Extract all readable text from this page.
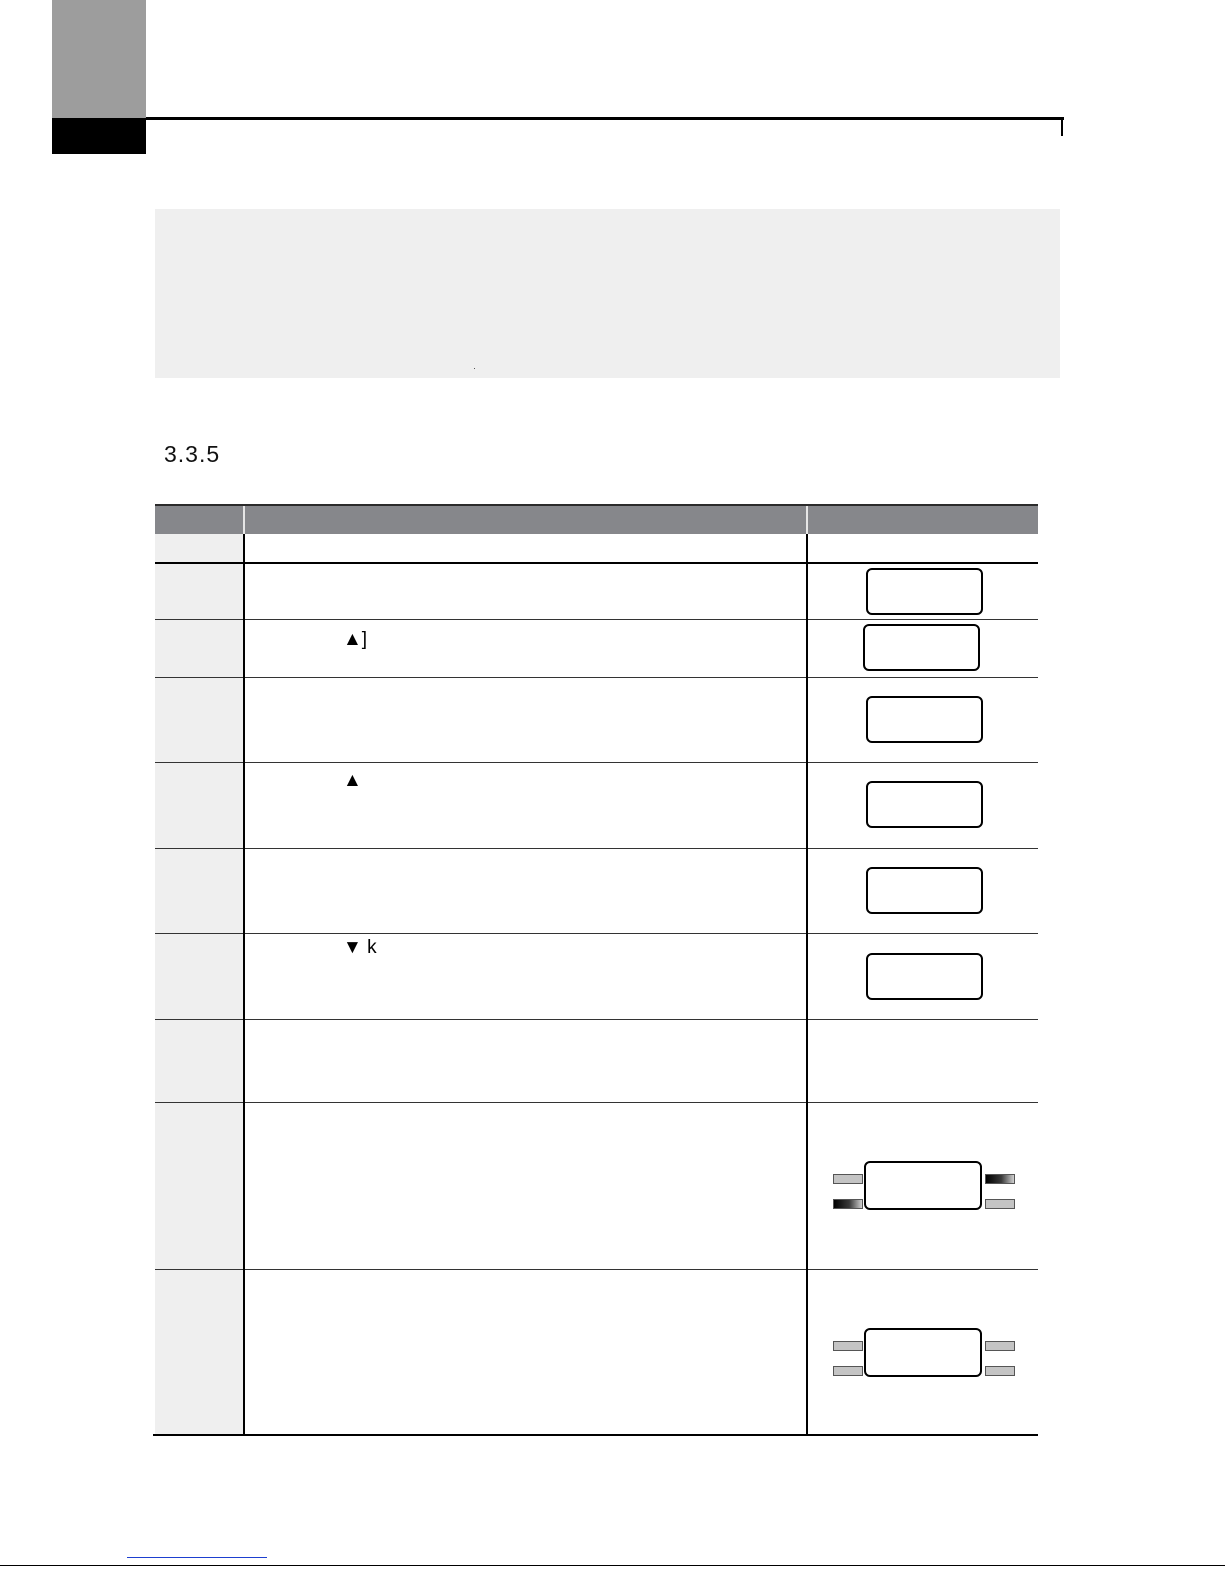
3.3.5
▲]
▲
▼ k
